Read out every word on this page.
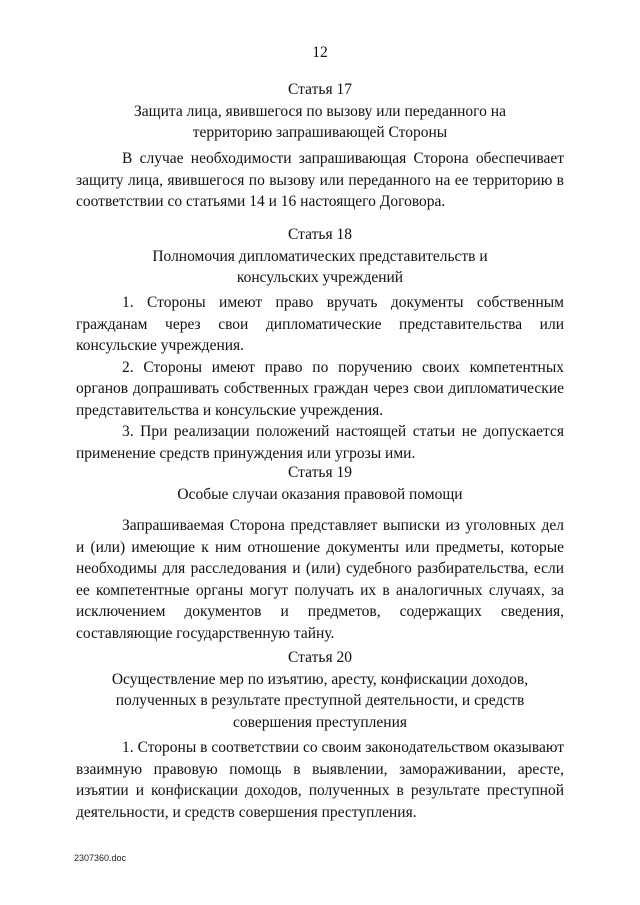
12
Статья 17
Защита лица, явившегося по вызову или переданного на территорию запрашивающей Стороны

В случае необходимости запрашивающая Сторона обеспечивает защиту лица, явившегося по вызову или переданного на ее территорию в соответствии со статьями 14 и 16 настоящего Договора.

Статья 18
Полномочия дипломатических представительств и консульских учреждений

1. Стороны имеют право вручать документы собственным гражданам через свои дипломатические представительства или консульские учреждения.

2. Стороны имеют право по поручению своих компетентных органов допрашивать собственных граждан через свои дипломатические представительства и консульские учреждения.

3. При реализации положений настоящей статьи не допускается применение средств принуждения или угрозы ими.

Статья 19
Особые случаи оказания правовой помощи

Запрашиваемая Сторона представляет выписки из уголовных дел и (или) имеющие к ним отношение документы или предметы, которые необходимы для расследования и (или) судебного разбирательства, если ее компетентные органы могут получать их в аналогичных случаях, за исключением документов и предметов, содержащих сведения, составляющие государственную тайну.

Статья 20
Осуществление мер по изъятию, аресту, конфискации доходов, полученных в результате преступной деятельности, и средств совершения преступления

1. Стороны в соответствии со своим законодательством оказывают взаимную правовую помощь в выявлении, замораживании, аресте, изъятии и конфискации доходов, полученных в результате преступной деятельности, и средств совершения преступления.

2307360.doc
